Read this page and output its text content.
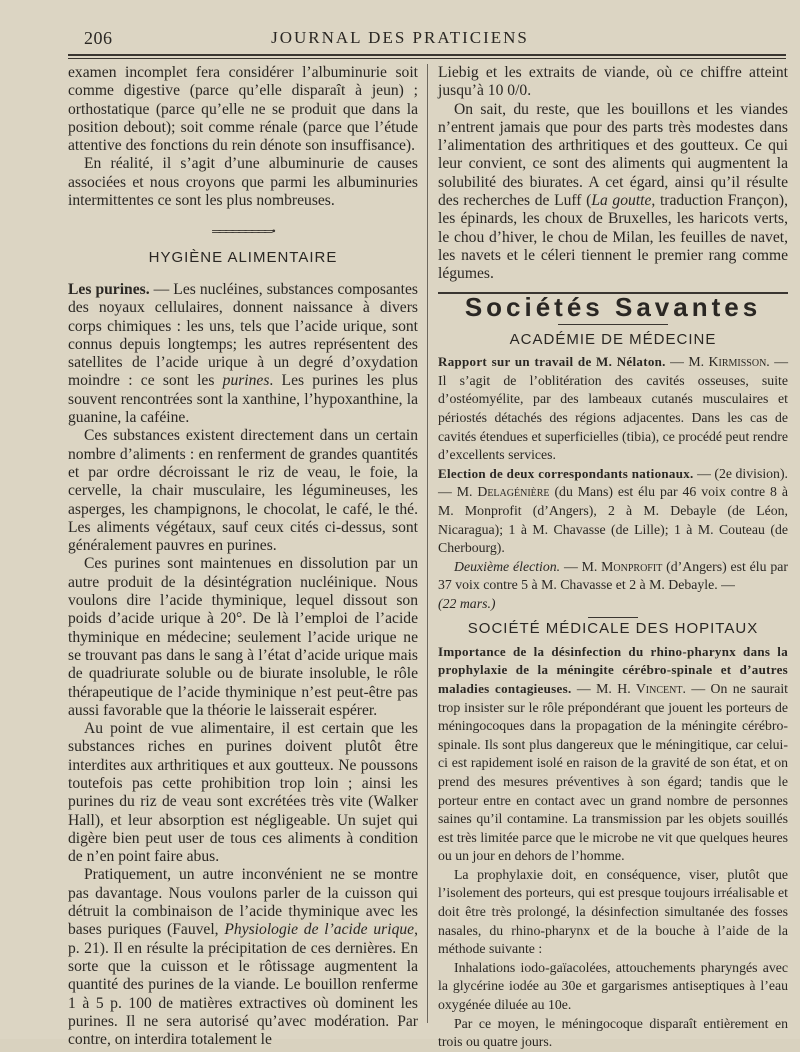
206	JOURNAL DES PRATICIENS

examen incomplet fera considérer l’albuminurie soit comme digestive (parce qu’elle disparaît à jeun) ; orthostatique (parce qu’elle ne se produit que dans la position debout); soit comme rénale (parce que l’étude attentive des fonctions du rein dénote son insuffisance).

En réalité, il s’agit d’une albuminurie de causes associées et nous croyons que parmi les albuminuries intermittentes ce sont les plus nombreuses.

═════════ •
HYGIÈNE ALIMENTAIRE

Les purines. — Les nucléines, substances composantes des noyaux cellulaires, donnent naissance à divers corps chimiques : les uns, tels que l’acide urique, sont connus depuis longtemps; les autres représentent des satellites de l’acide urique à un degré d’oxydation moindre : ce sont les purines. Les purines les plus souvent rencontrées sont la xanthine, l’hypoxanthine, la guanine, la caféine.

Ces substances existent directement dans un certain nombre d’aliments : en renferment de grandes quantités et par ordre décroissant le riz de veau, le foie, la cervelle, la chair musculaire, les légumineuses, les asperges, les champignons, le chocolat, le café, le thé. Les aliments végétaux, sauf ceux cités ci-dessus, sont généralement pauvres en purines.

Ces purines sont maintenues en dissolution par un autre produit de la désintégration nucléinique. Nous voulons dire l’acide thyminique, lequel dissout son poids d’acide urique à 20°. De là l’emploi de l’acide thyminique en médecine; seulement l’acide urique ne se trouvant pas dans le sang à l’état d’acide urique mais de quadriurate soluble ou de biurate insoluble, le rôle thérapeutique de l’acide thyminique n’est peut-être pas aussi favorable que la théorie le laisserait espérer.

Au point de vue alimentaire, il est certain que les substances riches en purines doivent plutôt être interdites aux arthritiques et aux goutteux. Ne poussons toutefois pas cette prohibition trop loin ; ainsi les purines du riz de veau sont excrétées très vite (Walker Hall), et leur absorption est négligeable. Un sujet qui digère bien peut user de tous ces aliments à condition de n’en point faire abus.

Pratiquement, un autre inconvénient ne se montre pas davantage. Nous voulons parler de la cuisson qui détruit la combinaison de l’acide thyminique avec les bases puriques (Fauvel, Physiologie de l’acide urique, p. 21). Il en résulte la précipitation de ces dernières. En sorte que la cuisson et le rôtissage augmentent la quantité des purines de la viande. Le bouillon renferme 1 à 5 p. 100 de matières extractives où dominent les purines. Il ne sera autorisé qu’avec modération. Par contre, on interdira totalement le

Liebig et les extraits de viande, où ce chiffre atteint jusqu’à 10 0/0.

On sait, du reste, que les bouillons et les viandes n’entrent jamais que pour des parts très modestes dans l’alimentation des arthritiques et des goutteux. Ce qui leur convient, ce sont des aliments qui augmentent la solubilité des biurates. A cet égard, ainsi qu’il résulte des recherches de Luff (La goutte, traduction Françon), les épinards, les choux de Bruxelles, les haricots verts, le chou d’hiver, le chou de Milan, les feuilles de navet, les navets et le céleri tiennent le premier rang comme légumes.

Sociétés Savantes
ACADÉMIE DE MÉDECINE

Rapport sur un travail de M. Nélaton. — M. Kirmisson. — Il s’agit de l’oblitération des cavités osseuses, suite d’ostéomyélite, par des lambeaux cutanés musculaires et périostés détachés des régions adjacentes. Dans les cas de cavités étendues et superficielles (tibia), ce procédé peut rendre d’excellents services.

Election de deux correspondants nationaux. — (2e division). — M. Delagénière (du Mans) est élu par 46 voix contre 8 à M. Monprofit (d’Angers), 2 à M. Debayle (de Léon, Nicaragua); 1 à M. Chavasse (de Lille); 1 à M. Couteau (de Cherbourg).

Deuxième élection. — M. Monprofit (d’Angers) est élu par 37 voix contre 5 à M. Chavasse et 2 à M. Debayle. —

(22 mars.)

SOCIÉTÉ MÉDICALE DES HOPITAUX

Importance de la désinfection du rhino-pharynx dans la prophylaxie de la méningite cérébro-spinale et d’autres maladies contagieuses. — M. H. Vincent. — On ne saurait trop insister sur le rôle prépondérant que jouent les porteurs de méningocoques dans la propagation de la méningite cérébro-spinale. Ils sont plus dangereux que le méningitique, car celui-ci est rapidement isolé en raison de la gravité de son état, et on prend des mesures préventives à son égard; tandis que le porteur entre en contact avec un grand nombre de personnes saines qu’il contamine. La transmission par les objets souillés est très limitée parce que le microbe ne vit que quelques heures ou un jour en dehors de l’homme.

La prophylaxie doit, en conséquence, viser, plutôt que l’isolement des porteurs, qui est presque toujours irréalisable et doit être très prolongé, la désinfection simultanée des fosses nasales, du rhino-pharynx et de la bouche à l’aide de la méthode suivante :

Inhalations iodo-gaïacolées, attouchements pharyngés avec la glycérine iodée au 30e et gargarismes antiseptiques à l’eau oxygénée diluée au 10e.

Par ce moyen, le méningocoque disparaît entièrement en trois ou quatre jours.
